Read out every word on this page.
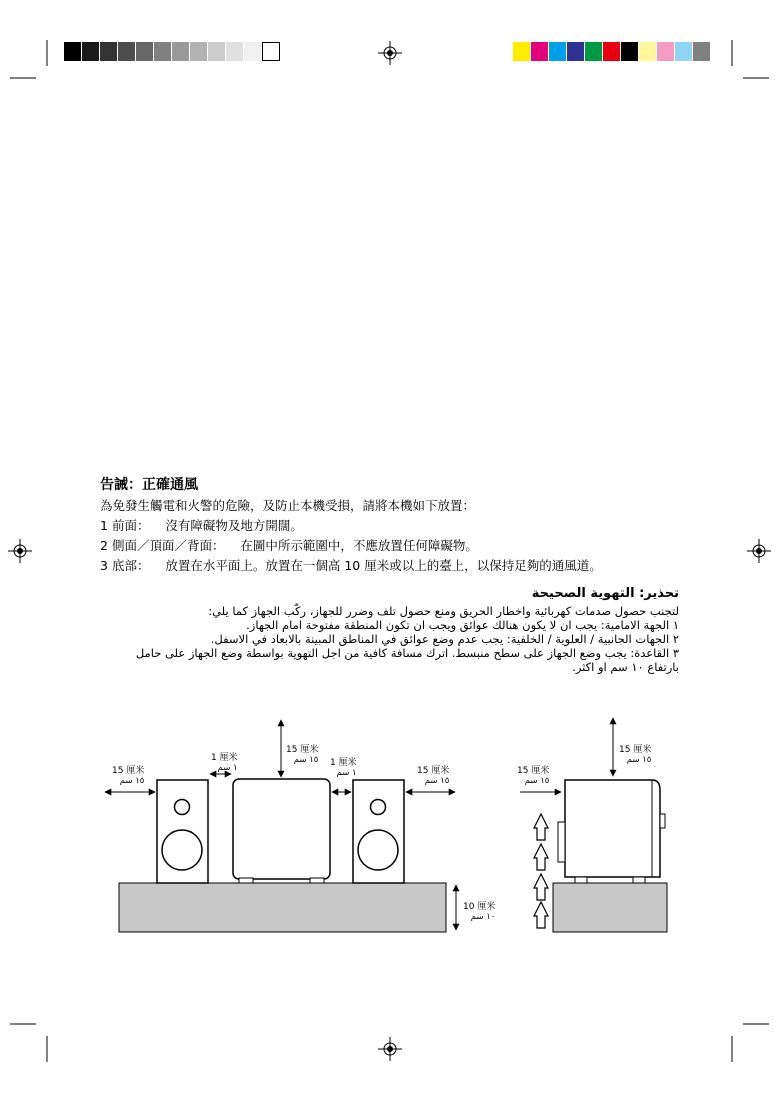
告誡：正確通風
為免發生觸電和火警的危險，及防止本機受損，請將本機如下放置：
1 前面： 沒有障礙物及地方開闊。
2 側面／頂面／背面： 在圖中所示範圍中，不應放置任何障礙物。
3 底部： 放置在水平面上。放置在一個高 10 厘米或以上的臺上，以保持足夠的通風道。
تحذير: التهوية الصحيحة
لتجنب حصول صدمات كهربائية واخطار الحريق ومنع حصول تلف وضرر للجهاز، ركّب الجهاز كما يلي:
١ الجهة الامامية: يجب ان لا يكون هنالك عوائق ويجب ان تكون المنطقة مفتوحة امام الجهاز.
٢ الجهات الجانبية / العلوية / الخلفية: يجب عدم وضع عوائق في المناطق المبينة بالابعاد في الاسفل.
٣ القاعدة: يجب وضع الجهاز على سطح منبسط. اترك مسافة كافية من اجل التهوية بواسطة وضع الجهاز على حامل
بارتفاع ١٠ سم او اكثر.
15 厘米
١٥ سم
1 厘米
١ سم
15 厘米
١٥ سم 1 厘米
١ سم	15 厘米
١٥ سم
10 厘米
١٠ سم
15 厘米
١٥ سم
15 厘米
١٥ سم
